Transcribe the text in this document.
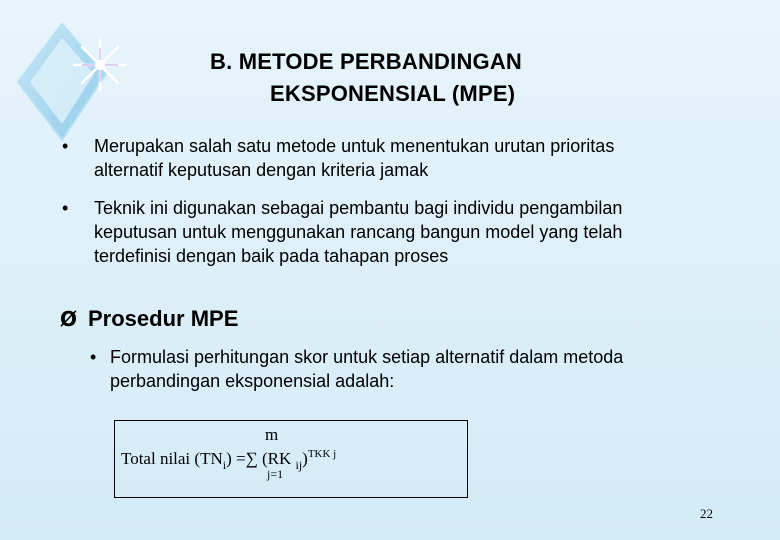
B. METODE PERBANDINGAN
EKSPONENSIAL (MPE)
• Merupakan salah satu metode untuk menentukan urutan prioritas
alternatif keputusan dengan kriteria jamak
• Teknik ini digunakan sebagai pembantu bagi individu pengambilan
keputusan untuk menggunakan rancang bangun model yang telah
terdefinisi dengan baik pada tahapan proses
Ø Prosedur MPE
• Formulasi perhitungan skor untuk setiap alternatif dalam metoda
perbandingan eksponensial adalah:
m
Total nilai $(TN_i)$ =∑ (RK $_{ij}$)$^{TKK j}$
j=1
22
